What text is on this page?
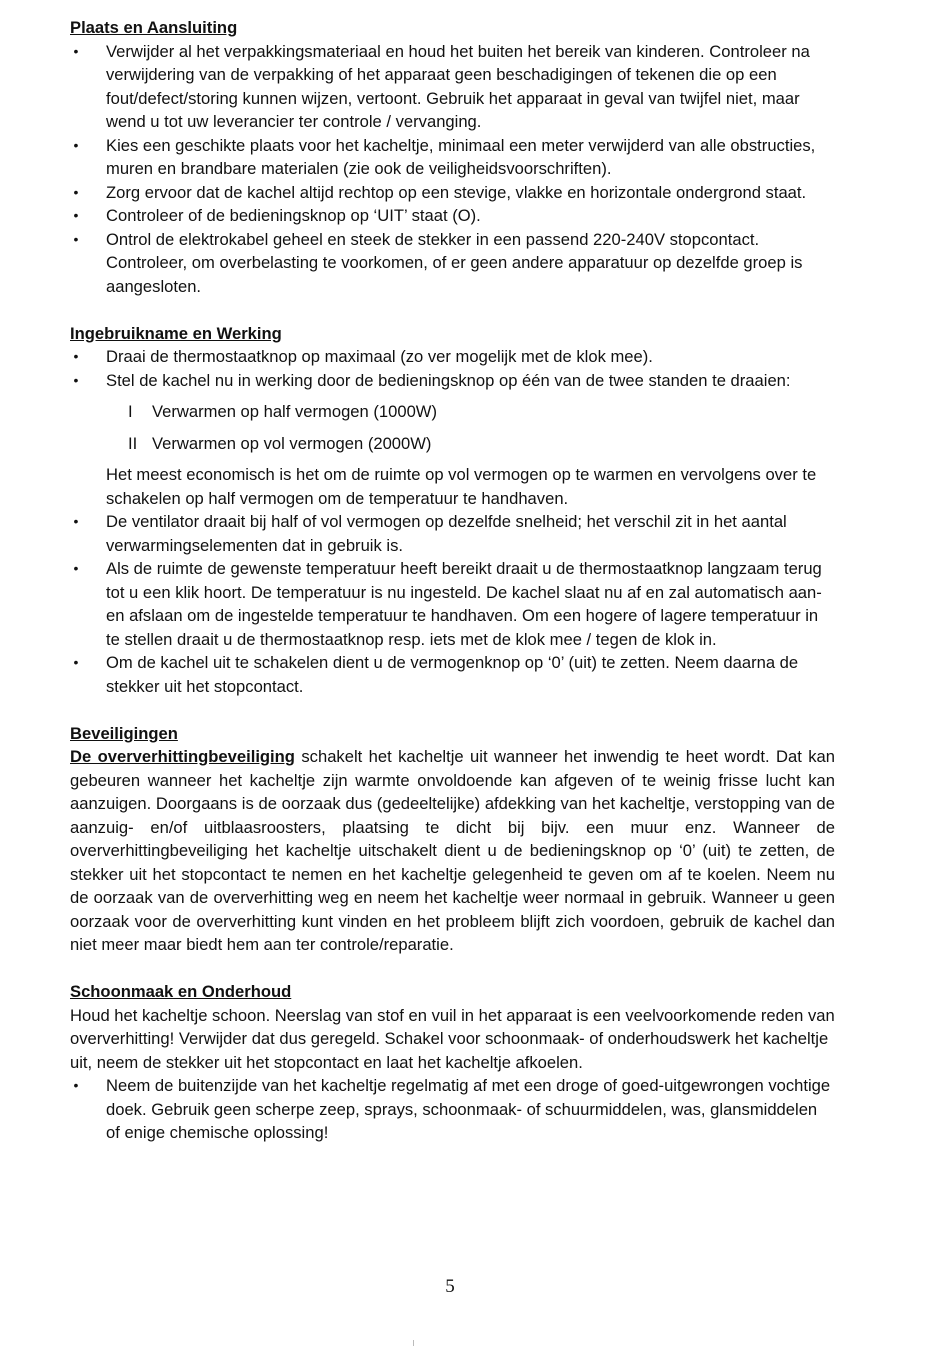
Plaats en Aansluiting
• Verwijder al het verpakkingsmateriaal en houd het buiten het bereik van kinderen. Controleer na verwijdering van de verpakking of het apparaat geen beschadigingen of tekenen die op een fout/defect/storing kunnen wijzen, vertoont. Gebruik het apparaat in geval van twijfel niet, maar wend u tot uw leverancier ter controle / vervanging.
• Kies een geschikte plaats voor het kacheltje, minimaal een meter verwijderd van alle obstructies, muren en brandbare materialen (zie ook de veiligheidsvoorschriften).
• Zorg ervoor dat de kachel altijd rechtop op een stevige, vlakke en horizontale ondergrond staat.
• Controleer of de bedieningsknop op ‘UIT’ staat (O).
• Ontrol de elektrokabel geheel en steek de stekker in een passend 220-240V stopcontact. Controleer, om overbelasting te voorkomen, of er geen andere apparatuur op dezelfde groep is aangesloten.
Ingebruikname en Werking
• Draai de thermostaatknop op maximaal (zo ver mogelijk met de klok mee).
• Stel de kachel nu in werking door de bedieningsknop op één van de twee standen te draaien:
I	Verwarmen op half vermogen (1000W)
II Verwarmen op vol vermogen (2000W)

Het meest economisch is het om de ruimte op vol vermogen op te warmen en vervolgens over te schakelen op half vermogen om de temperatuur te handhaven.

• De ventilator draait bij half of vol vermogen op dezelfde snelheid; het verschil zit in het aantal verwarmingselementen dat in gebruik is.
• Als de ruimte de gewenste temperatuur heeft bereikt draait u de thermostaatknop langzaam terug tot u een klik hoort. De temperatuur is nu ingesteld. De kachel slaat nu af en zal automatisch aan- en afslaan om de ingestelde temperatuur te handhaven. Om een hogere of lagere temperatuur in te stellen draait u de thermostaatknop resp. iets met de klok mee / tegen de klok in.
• Om de kachel uit te schakelen dient u de vermogenknop op ‘0’ (uit) te zetten. Neem daarna de stekker uit het stopcontact.
Beveiligingen

De oververhittingbeveiliging schakelt het kacheltje uit wanneer het inwendig te heet wordt. Dat kan gebeuren wanneer het kacheltje zijn warmte onvoldoende kan afgeven of te weinig frisse lucht kan aanzuigen. Doorgaans is de oorzaak dus (gedeeltelijke) afdekking van het kacheltje, verstopping van de aanzuig- en/of uitblaasroosters, plaatsing te dicht bij bijv. een muur enz. Wanneer de oververhittingbeveiliging het kacheltje uitschakelt dient u de bedieningsknop op ‘0’ (uit) te zetten, de stekker uit het stopcontact te nemen en het kacheltje gelegenheid te geven om af te koelen. Neem nu de oorzaak van de oververhitting weg en neem het kacheltje weer normaal in gebruik. Wanneer u geen oorzaak voor de oververhitting kunt vinden en het probleem blijft zich voordoen, gebruik de kachel dan niet meer maar biedt hem aan ter controle/reparatie.

Schoonmaak en Onderhoud

Houd het kacheltje schoon. Neerslag van stof en vuil in het apparaat is een veelvoorkomende reden van oververhitting! Verwijder dat dus geregeld. Schakel voor schoonmaak- of onderhoudswerk het kacheltje uit, neem de stekker uit het stopcontact en laat het kacheltje afkoelen.

• Neem de buitenzijde van het kacheltje regelmatig af met een droge of goed-uitgewrongen vochtige doek. Gebruik geen scherpe zeep, sprays, schoonmaak- of schuurmiddelen, was, glansmiddelen of enige chemische oplossing!
5
